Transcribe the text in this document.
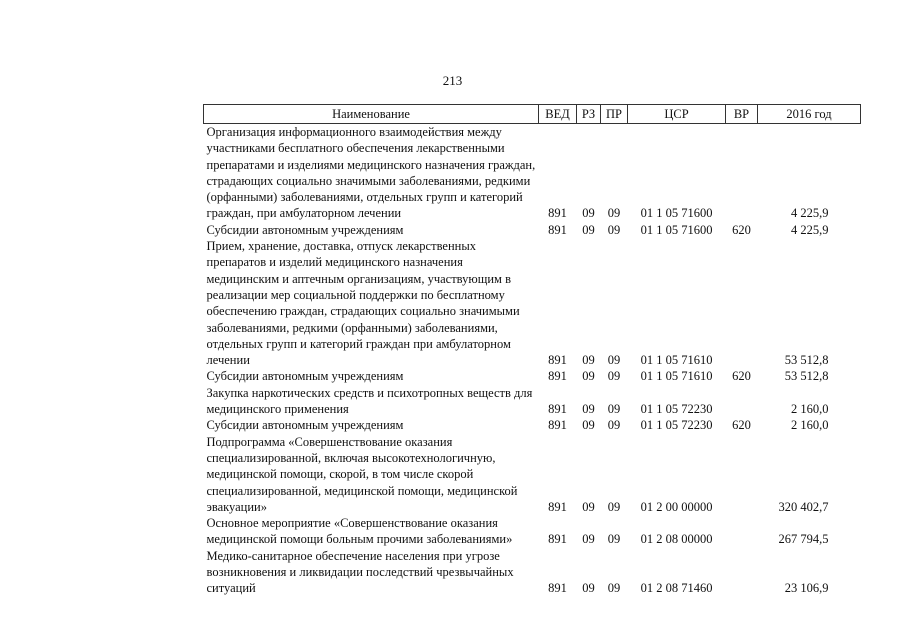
213
Наименование	ВЕД	РЗ	ПР	ЦСР	ВР	2016 год
Организация информационного взаимодействия между участниками бесплатного обеспечения лекарственными препаратами и изделиями медицинского назначения граждан, страдающих социально значимыми заболеваниями, редкими (орфанными) заболеваниями, отдельных групп и категорий граждан, при амбулаторном лечении	891	09	09	01 1 05 71600		4 225,9
Субсидии автономным учреждениям	891	09	09	01 1 05 71600	620	4 225,9
Прием, хранение, доставка, отпуск лекарственных препаратов и изделий медицинского назначения медицинским и аптечным организациям, участвующим в реализации мер социальной поддержки по бесплатному обеспечению граждан, страдающих социально значимыми заболеваниями, редкими (орфанными) заболеваниями, отдельных групп и категорий граждан при амбулаторном лечении	891	09	09	01 1 05 71610		53 512,8
Субсидии автономным учреждениям	891	09	09	01 1 05 71610	620	53 512,8
Закупка наркотических средств и психотропных веществ для медицинского применения	891	09	09	01 1 05 72230		2 160,0
Субсидии автономным учреждениям	891	09	09	01 1 05 72230	620	2 160,0
Подпрограмма «Совершенствование оказания специализированной, включая высокотехнологичную, медицинской помощи, скорой, в том числе скорой специализированной, медицинской помощи, медицинской эвакуации»	891	09	09	01 2 00 00000		320 402,7
Основное мероприятие «Совершенствование оказания медицинской помощи больным прочими заболеваниями»	891	09	09	01 2 08 00000		267 794,5
Медико-санитарное обеспечение населения при угрозе возникновения и ликвидации последствий чрезвычайных ситуаций	891	09	09	01 2 08 71460		23 106,9
